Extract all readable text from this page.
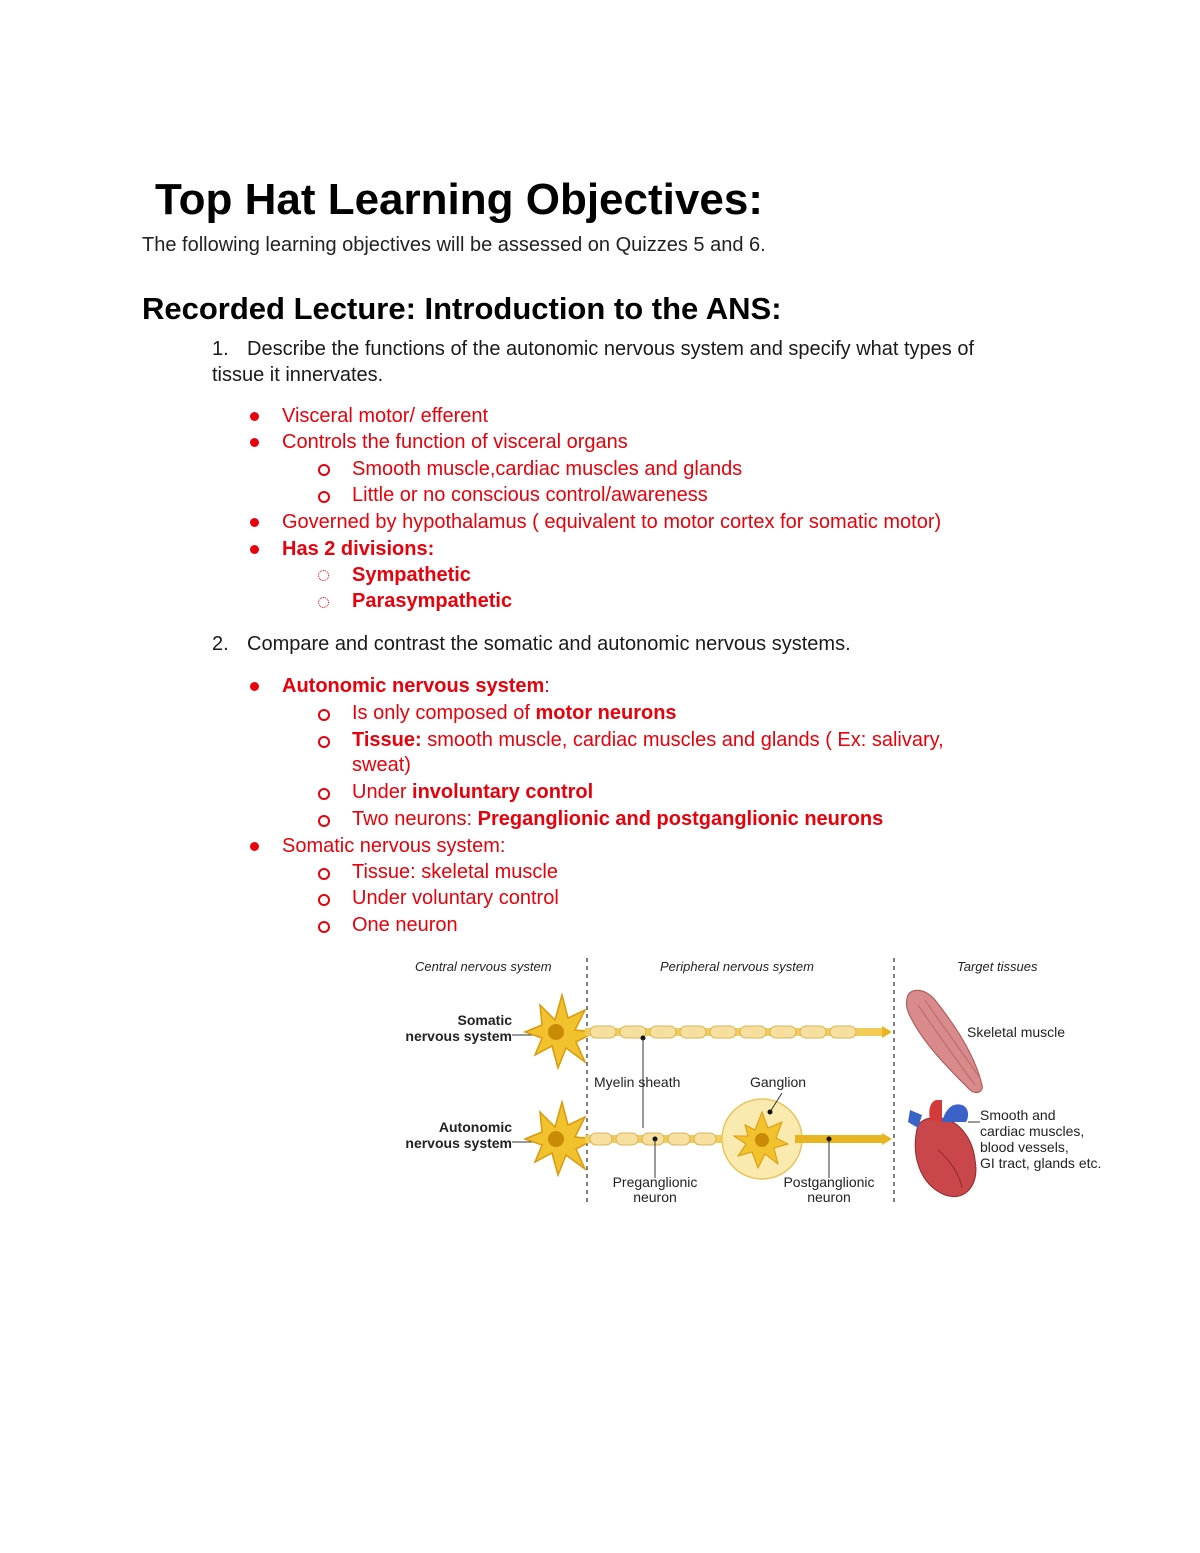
Top Hat Learning Objectives:
The following learning objectives will be assessed on Quizzes 5 and 6.
Recorded Lecture: Introduction to the ANS:
1. Describe the functions of the autonomic nervous system and specify what types of
tissue it innervates.
Visceral motor/ efferent
Controls the function of visceral organs
Smooth muscle,cardiac muscles and glands
Little or no conscious control/awareness
Governed by hypothalamus ( equivalent to motor cortex for somatic motor)
Has 2 divisions:
Sympathetic
Parasympathetic
2. Compare and contrast the somatic and autonomic nervous systems.
Autonomic nervous system:
Is only composed of motor neurons
Tissue: smooth muscle, cardiac muscles and glands ( Ex: salivary,
sweat)
Under involuntary control
Two neurons: Preganglionic and postganglionic neurons
Somatic nervous system:
Tissue: skeletal muscle
Under voluntary control
One neuron
Central nervous system	Peripheral nervous system	Target tissues
Somatic
nervous system
Autonomic
nervous system
Myelin sheath	Ganglion
Preganglionic
neuron
Postganglionic
neuron
Skeletal muscle
Smooth and
cardiac muscles,
blood vessels,
GI tract, glands etc.
